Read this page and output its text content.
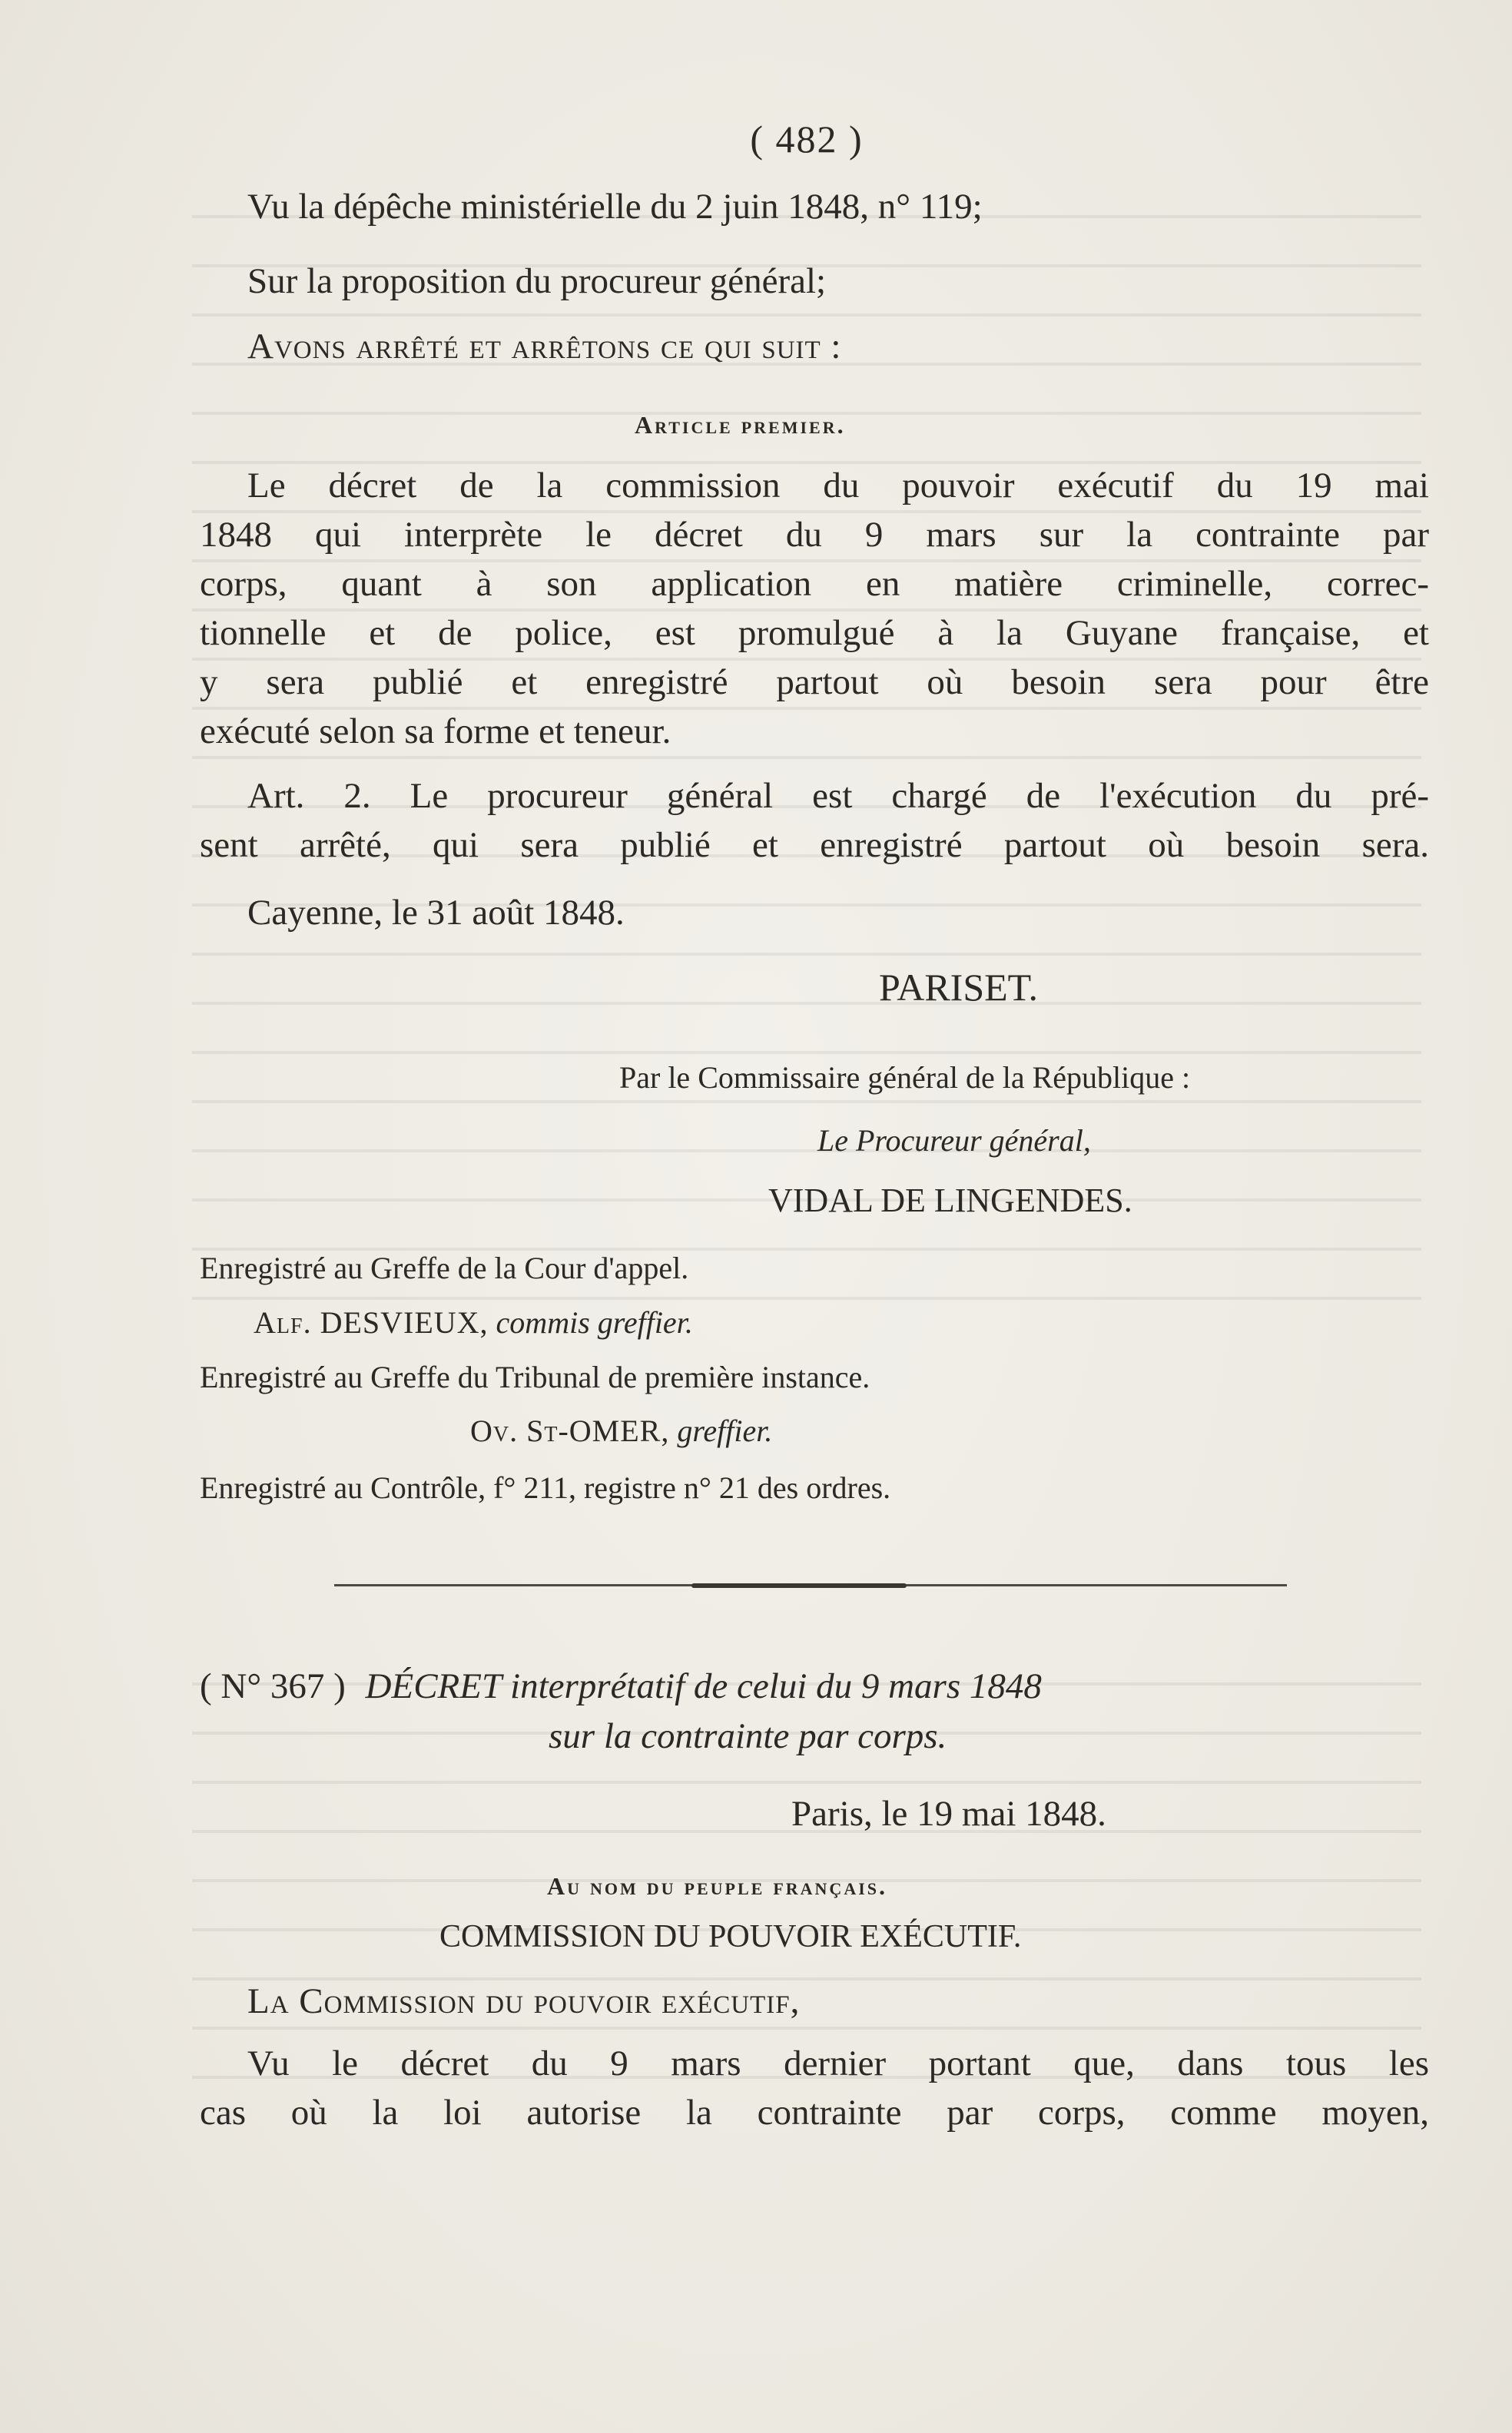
( 482 )
Vu la dépêche ministérielle du 2 juin 1848, n° 119;
Sur la proposition du procureur général;
Avons arrêté et arrêtons ce qui suit :
Article premier.
Le décret de la commission du pouvoir exécutif du 19 mai
1848 qui interprète le décret du 9 mars sur la contrainte par
corps, quant à son application en matière criminelle, correc-
tionnelle et de police, est promulgué à la Guyane française, et
y sera publié et enregistré partout où besoin sera pour être
exécuté selon sa forme et teneur.
Art. 2. Le procureur général est chargé de l'exécution du pré-
sent arrêté, qui sera publié et enregistré partout où besoin sera.
Cayenne, le 31 août 1848.
PARISET.
Par le Commissaire général de la République :
Le Procureur général,
VIDAL DE LINGENDES.
Enregistré au Greffe de la Cour d'appel.
Alf. DESVIEUX, commis greffier.
Enregistré au Greffe du Tribunal de première instance.
Ov. St-OMER, greffier.
Enregistré au Contrôle, f° 211, registre n° 21 des ordres.
( N° 367 ) DÉCRET interprétatif de celui du 9 mars 1848
sur la contrainte par corps.
Paris, le 19 mai 1848.
Au nom du peuple français.
COMMISSION DU POUVOIR EXÉCUTIF.
La Commission du pouvoir exécutif,
Vu le décret du 9 mars dernier portant que, dans tous les
cas où la loi autorise la contrainte par corps, comme moyen,
